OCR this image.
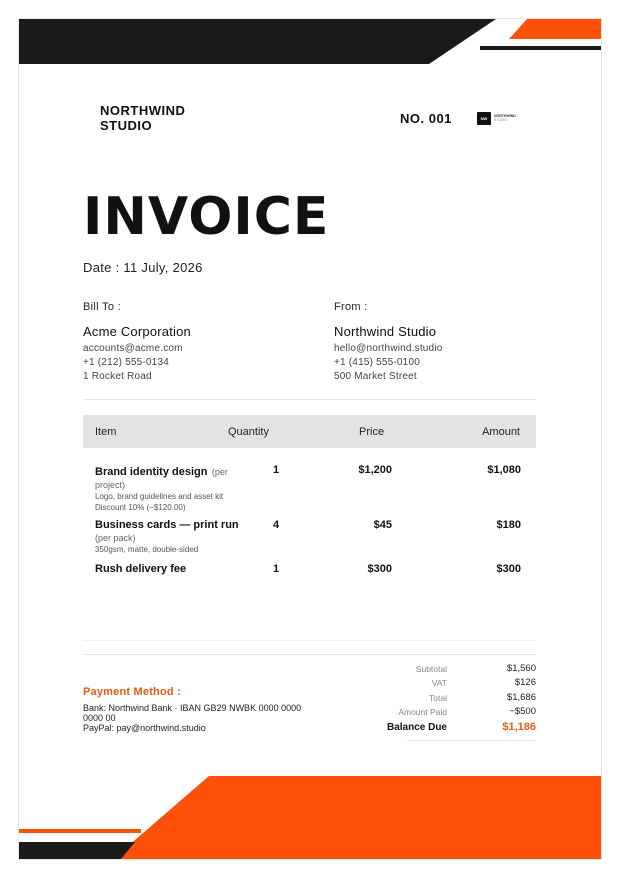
NORTHWIND
STUDIO	NO. 001	NW	NORTHWIND
STUDIO
INVOICE
Date : 11 July, 2026
Bill To :
Acme Corporation
accounts@acme.com
+1 (212) 555-0134
1 Rocket Road
From :
Northwind Studio
hello@northwind.studio
+1 (415) 555-0100
500 Market Street
Item	Quantity	Price	Amount
Brand identity design (per
project)
Logo, brand guidelines and asset kit
Discount 10% (−$120.00)
1	$1,200	$1,080
Business cards — print run
(per pack)
350gsm, matte, double-sided
4	$45	$180
Rush delivery fee	1	$300	$300
Payment Method :
Bank: Northwind Bank · IBAN GB29 NWBK 0000 0000
0000 00
PayPal: pay@northwind.studio
Subtotal	$1,560
VAT	$126
Total	$1,686
Amount Paid	−$500
Balance Due	$1,186
